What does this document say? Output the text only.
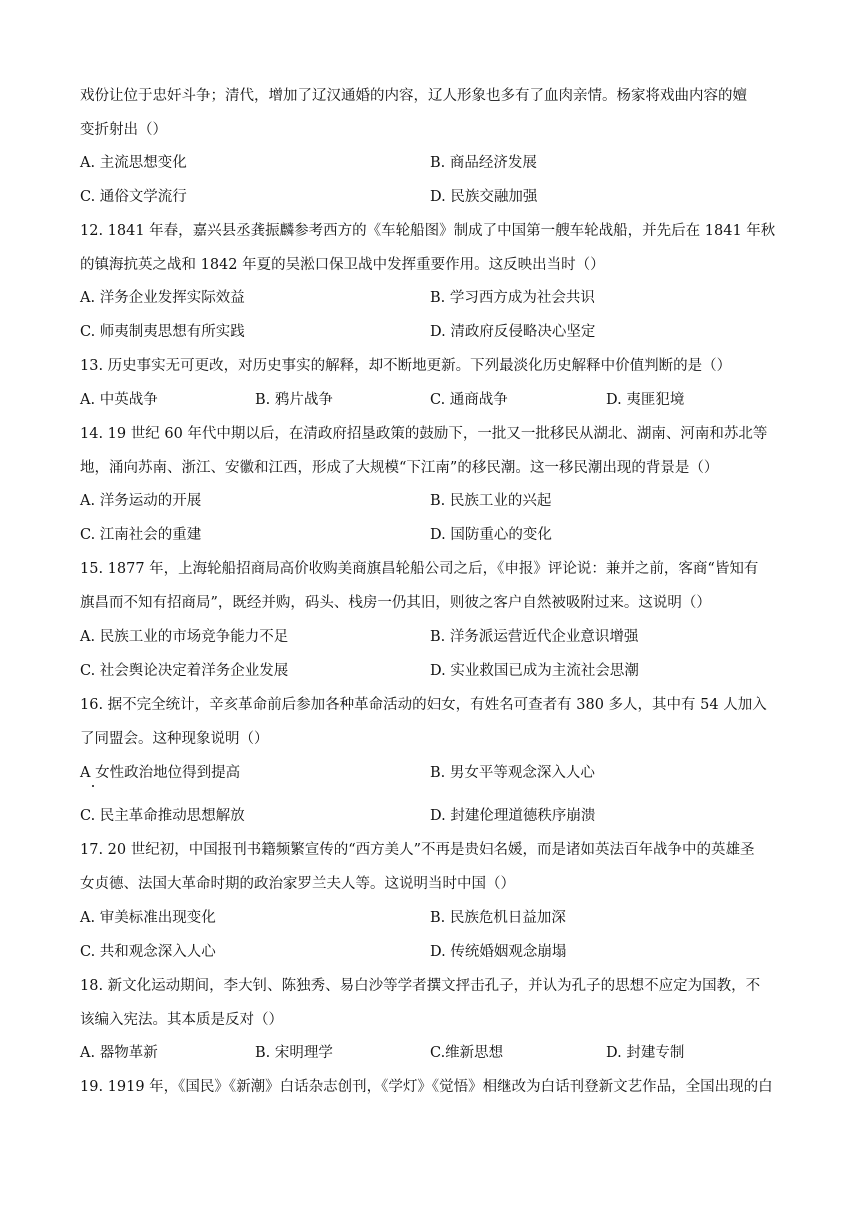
戏份让位于忠奸斗争；清代，增加了辽汉通婚的内容，辽人形象也多有了血肉亲情。杨家将戏曲内容的嬗
变折射出（）
A. 主流思想变化	B. 商品经济发展
C. 通俗文学流行	D. 民族交融加强
12. 1841 年春，嘉兴县丞龚振麟参考西方的《车轮船图》制成了中国第一艘车轮战船，并先后在 1841 年秋
的镇海抗英之战和 1842 年夏的吴淞口保卫战中发挥重要作用。这反映出当时（）
A. 洋务企业发挥实际效益	B. 学习西方成为社会共识
C. 师夷制夷思想有所实践	D. 清政府反侵略决心坚定
13. 历史事实无可更改，对历史事实的解释，却不断地更新。下列最淡化历史解释中价值判断的是（）
A. 中英战争	B. 鸦片战争	C. 通商战争	D. 夷匪犯境
14. 19 世纪 60 年代中期以后，在清政府招垦政策的鼓励下，一批又一批移民从湖北、湖南、河南和苏北等
地，涌向苏南、浙江、安徽和江西，形成了大规模“下江南”的移民潮。这一移民潮出现的背景是（）
A. 洋务运动的开展	B. 民族工业的兴起
C. 江南社会的重建	D. 国防重心的变化
15. 1877 年，上海轮船招商局高价收购美商旗昌轮船公司之后，《申报》评论说：兼并之前，客商“皆知有
旗昌而不知有招商局”，既经并购，码头、栈房一仍其旧，则彼之客户自然被吸附过来。这说明（）
A. 民族工业的市场竞争能力不足	B. 洋务派运营近代企业意识增强
C. 社会舆论决定着洋务企业发展	D. 实业救国已成为主流社会思潮
16. 据不完全统计，辛亥革命前后参加各种革命活动的妇女，有姓名可查者有 380 多人，其中有 54 人加入
了同盟会。这种现象说明（）
A 女性政治地位得到提高	B. 男女平等观念深入人心
C. 民主革命推动思想解放	D. 封建伦理道德秩序崩溃
17. 20 世纪初，中国报刊书籍频繁宣传的“西方美人”不再是贵妇名媛，而是诸如英法百年战争中的英雄圣
女贞德、法国大革命时期的政治家罗兰夫人等。这说明当时中国（）
A. 审美标准出现变化	B. 民族危机日益加深
C. 共和观念深入人心	D. 传统婚姻观念崩塌
18. 新文化运动期间，李大钊、陈独秀、易白沙等学者撰文抨击孔子，并认为孔子的思想不应定为国教，不
该编入宪法。其本质是反对（）
A. 器物革新	B. 宋明理学	C.维新思想	D. 封建专制
19. 1919 年，《国民》《新潮》白话杂志创刊，《学灯》《觉悟》相继改为白话刊登新文艺作品，全国出现的白
